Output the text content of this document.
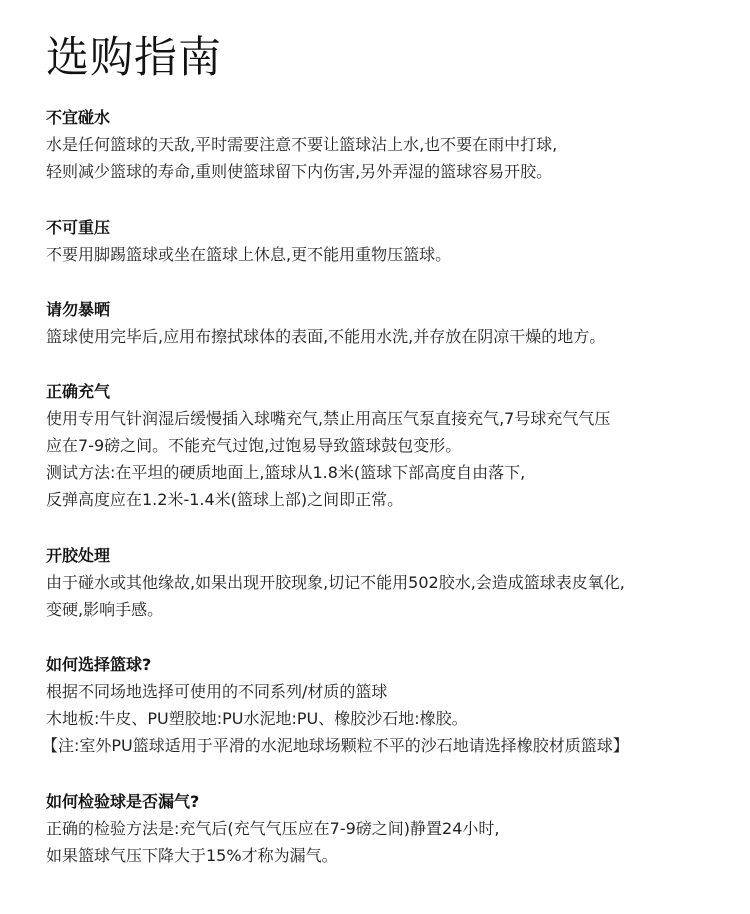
选购指南
不宜碰水
水是任何篮球的天敌,平时需要注意不要让篮球沾上水,也不要在雨中打球,
轻则减少篮球的寿命,重则使篮球留下内伤害,另外弄湿的篮球容易开胶。
不可重压
不要用脚踢篮球或坐在篮球上休息,更不能用重物压篮球。
请勿暴晒
篮球使用完毕后,应用布擦拭球体的表面,不能用水洗,并存放在阴凉干燥的地方。
正确充气
使用专用气针润湿后缓慢插入球嘴充气,禁止用高压气泵直接充气,7号球充气气压
应在7-9磅之间。不能充气过饱,过饱易导致篮球鼓包变形。
测试方法:在平坦的硬质地面上,篮球从1.8米(篮球下部高度自由落下,
反弹高度应在1.2米-1.4米(篮球上部)之间即正常。
开胶处理
由于碰水或其他缘故,如果出现开胶现象,切记不能用502胶水,会造成篮球表皮氧化,
变硬,影响手感。
如何选择篮球?
根据不同场地选择可使用的不同系列/材质的篮球
木地板:牛皮、PU塑胶地:PU水泥地:PU、橡胶沙石地:橡胶。
【注:室外PU篮球适用于平滑的水泥地球场颗粒不平的沙石地请选择橡胶材质篮球】
如何检验球是否漏气?
正确的检验方法是:充气后(充气气压应在7-9磅之间)静置24小时,
如果篮球气压下降大于15%才称为漏气。
